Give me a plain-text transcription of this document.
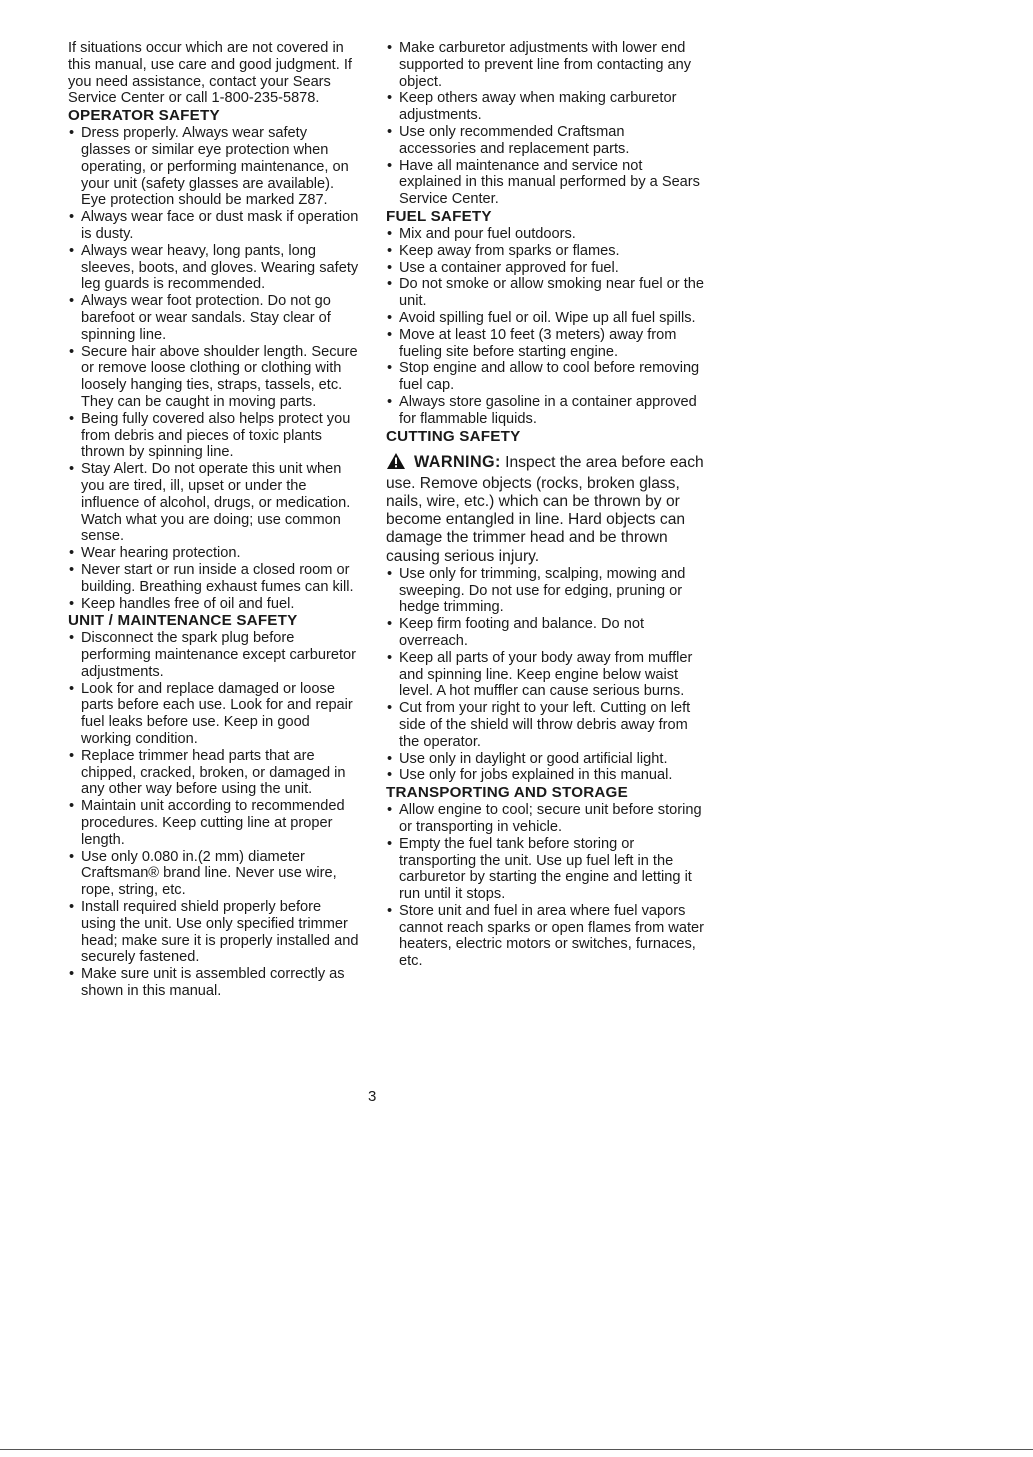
If situations occur which are not covered in this manual, use care and good judgment. If you need assistance, contact your Sears Service Center or call 1-800-235-5878.

OPERATOR SAFETY
• Dress properly. Always wear safety glasses or similar eye protection when operating, or performing maintenance, on your unit (safety glasses are available). Eye protection should be marked Z87.
• Always wear face or dust mask if operation is dusty.
• Always wear heavy, long pants, long sleeves, boots, and gloves. Wearing safety leg guards is recommended.
• Always wear foot protection. Do not go barefoot or wear sandals. Stay clear of spinning line.
• Secure hair above shoulder length. Secure or remove loose clothing or clothing with loosely hanging ties, straps, tassels, etc. They can be caught in moving parts.
• Being fully covered also helps protect you from debris and pieces of toxic plants thrown by spinning line.
• Stay Alert. Do not operate this unit when you are tired, ill, upset or under the influence of alcohol, drugs, or medication. Watch what you are doing; use common sense.
• Wear hearing protection.
• Never start or run inside a closed room or building. Breathing exhaust fumes can kill.
• Keep handles free of oil and fuel.
UNIT / MAINTENANCE SAFETY
• Disconnect the spark plug before performing maintenance except carburetor adjustments.
• Look for and replace damaged or loose parts before each use. Look for and repair fuel leaks before use. Keep in good working condition.
• Replace trimmer head parts that are chipped, cracked, broken, or damaged in any other way before using the unit.
• Maintain unit according to recommended procedures. Keep cutting line at proper length.
• Use only 0.080 in.(2 mm) diameter Craftsman® brand line. Never use wire, rope, string, etc.
• Install required shield properly before using the unit. Use only specified trimmer head; make sure it is properly installed and securely fastened.
• Make sure unit is assembled correctly as shown in this manual.
• Make carburetor adjustments with lower end supported to prevent line from contacting any object.
• Keep others away when making carburetor adjustments.
• Use only recommended Craftsman accessories and replacement parts.
• Have all maintenance and service not explained in this manual performed by a Sears Service Center.
FUEL SAFETY
• Mix and pour fuel outdoors.
• Keep away from sparks or flames.
• Use a container approved for fuel.
• Do not smoke or allow smoking near fuel or the unit.
• Avoid spilling fuel or oil. Wipe up all fuel spills.
• Move at least 10 feet (3 meters) away from fueling site before starting engine.
• Stop engine and allow to cool before removing fuel cap.
• Always store gasoline in a container approved for flammable liquids.
CUTTING SAFETY

WARNING: Inspect the area before each use. Remove objects (rocks, broken glass, nails, wire, etc.) which can be thrown by or become entangled in line. Hard objects can damage the trimmer head and be thrown causing serious injury.

• Use only for trimming, scalping, mowing and sweeping. Do not use for edging, pruning or hedge trimming.
• Keep firm footing and balance. Do not overreach.
• Keep all parts of your body away from muffler and spinning line. Keep engine below waist level. A hot muffler can cause serious burns.
• Cut from your right to your left. Cutting on left side of the shield will throw debris away from the operator.
• Use only in daylight or good artificial light.
• Use only for jobs explained in this manual.
TRANSPORTING AND STORAGE
• Allow engine to cool; secure unit before storing or transporting in vehicle.
• Empty the fuel tank before storing or transporting the unit. Use up fuel left in the carburetor by starting the engine and letting it run until it stops.
• Store unit and fuel in area where fuel vapors cannot reach sparks or open flames from water heaters, electric motors or switches, furnaces, etc.
3
